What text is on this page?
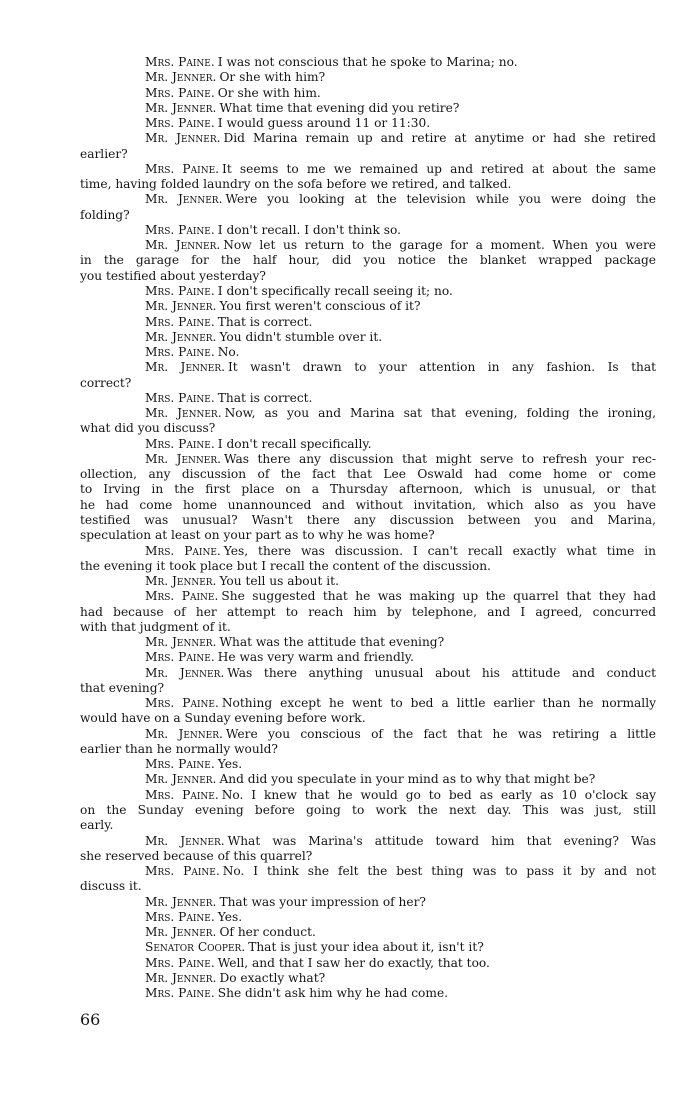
Mrs. Paine. I was not conscious that he spoke to Marina; no.
Mr. Jenner. Or she with him?
Mrs. Paine. Or she with him.
Mr. Jenner. What time that evening did you retire?
Mrs. Paine. I would guess around 11 or 11:30.
Mr. Jenner. Did Marina remain up and retire at anytime or had she retired
earlier?
Mrs. Paine. It seems to me we remained up and retired at about the same
time, having folded laundry on the sofa before we retired, and talked.
Mr. Jenner. Were you looking at the television while you were doing the
folding?
Mrs. Paine. I don't recall. I don't think so.
Mr. Jenner. Now let us return to the garage for a moment. When you were
in the garage for the half hour, did you notice the blanket wrapped package
you testified about yesterday?
Mrs. Paine. I don't specifically recall seeing it; no.
Mr. Jenner. You first weren't conscious of it?
Mrs. Paine. That is correct.
Mr. Jenner. You didn't stumble over it.
Mrs. Paine. No.
Mr. Jenner. It wasn't drawn to your attention in any fashion. Is that
correct?
Mrs. Paine. That is correct.
Mr. Jenner. Now, as you and Marina sat that evening, folding the ironing,
what did you discuss?
Mrs. Paine. I don't recall specifically.
Mr. Jenner. Was there any discussion that might serve to refresh your rec-
ollection, any discussion of the fact that Lee Oswald had come home or come
to Irving in the first place on a Thursday afternoon, which is unusual, or that
he had come home unannounced and without invitation, which also as you have
testified was unusual? Wasn't there any discussion between you and Marina,
speculation at least on your part as to why he was home?
Mrs. Paine. Yes, there was discussion. I can't recall exactly what time in
the evening it took place but I recall the content of the discussion.
Mr. Jenner. You tell us about it.
Mrs. Paine. She suggested that he was making up the quarrel that they had
had because of her attempt to reach him by telephone, and I agreed, concurred
with that judgment of it.
Mr. Jenner. What was the attitude that evening?
Mrs. Paine. He was very warm and friendly.
Mr. Jenner. Was there anything unusual about his attitude and conduct
that evening?
Mrs. Paine. Nothing except he went to bed a little earlier than he normally
would have on a Sunday evening before work.
Mr. Jenner. Were you conscious of the fact that he was retiring a little
earlier than he normally would?
Mrs. Paine. Yes.
Mr. Jenner. And did you speculate in your mind as to why that might be?
Mrs. Paine. No. I knew that he would go to bed as early as 10 o'clock say
on the Sunday evening before going to work the next day. This was just, still
early.
Mr. Jenner. What was Marina's attitude toward him that evening? Was
she reserved because of this quarrel?
Mrs. Paine. No. I think she felt the best thing was to pass it by and not
discuss it.
Mr. Jenner. That was your impression of her?
Mrs. Paine. Yes.
Mr. Jenner. Of her conduct.
Senator Cooper. That is just your idea about it, isn't it?
Mrs. Paine. Well, and that I saw her do exactly, that too.
Mr. Jenner. Do exactly what?
Mrs. Paine. She didn't ask him why he had come.
66
